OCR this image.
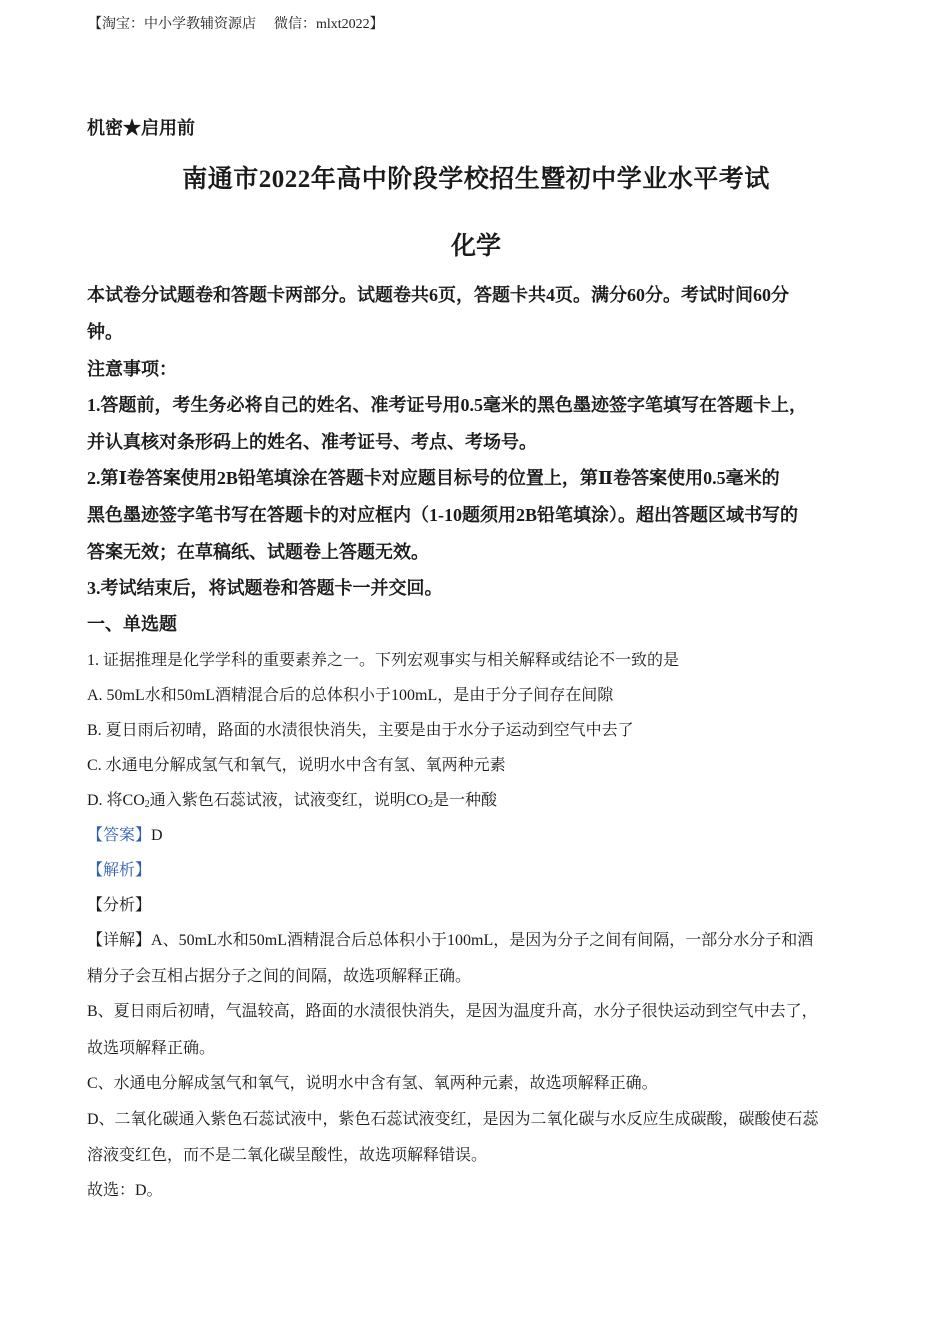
【淘宝：中小学教辅资源店 微信：mlxt2022】
机密★启用前
南通市2022年高中阶段学校招生暨初中学业水平考试
化学
本试卷分试题卷和答题卡两部分。试题卷共6页，答题卡共4页。满分60分。考试时间60分
钟。
注意事项：
1.答题前，考生务必将自己的姓名、准考证号用0.5毫米的黑色墨迹签字笔填写在答题卡上，
并认真核对条形码上的姓名、准考证号、考点、考场号。
2.第Ⅰ卷答案使用2B铅笔填涂在答题卡对应题目标号的位置上，第Ⅱ卷答案使用0.5毫米的
黑色墨迹签字笔书写在答题卡的对应框内（1-10题须用2B铅笔填涂）。超出答题区域书写的
答案无效；在草稿纸、试题卷上答题无效。
3.考试结束后，将试题卷和答题卡一并交回。
一、单选题
1. 证据推理是化学学科的重要素养之一。下列宏观事实与相关解释或结论不一致的是
A. 50mL水和50mL酒精混合后的总体积小于100mL，是由于分子间存在间隙
B. 夏日雨后初晴，路面的水渍很快消失，主要是由于水分子运动到空气中去了
C. 水通电分解成氢气和氧气，说明水中含有氢、氧两种元素
D. 将$CO_2$通入紫色石蕊试液，试液变红，说明$CO_2$是一种酸
【答案】D
【解析】
【分析】
【详解】A、50mL水和50mL酒精混合后总体积小于100mL，是因为分子之间有间隔，一部分水分子和酒
精分子会互相占据分子之间的间隔，故选项解释正确。
B、夏日雨后初晴，气温较高，路面的水渍很快消失，是因为温度升高，水分子很快运动到空气中去了，
故选项解释正确。
C、水通电分解成氢气和氧气，说明水中含有氢、氧两种元素，故选项解释正确。
D、二氧化碳通入紫色石蕊试液中，紫色石蕊试液变红，是因为二氧化碳与水反应生成碳酸，碳酸使石蕊
溶液变红色，而不是二氧化碳呈酸性，故选项解释错误。
故选：D。
